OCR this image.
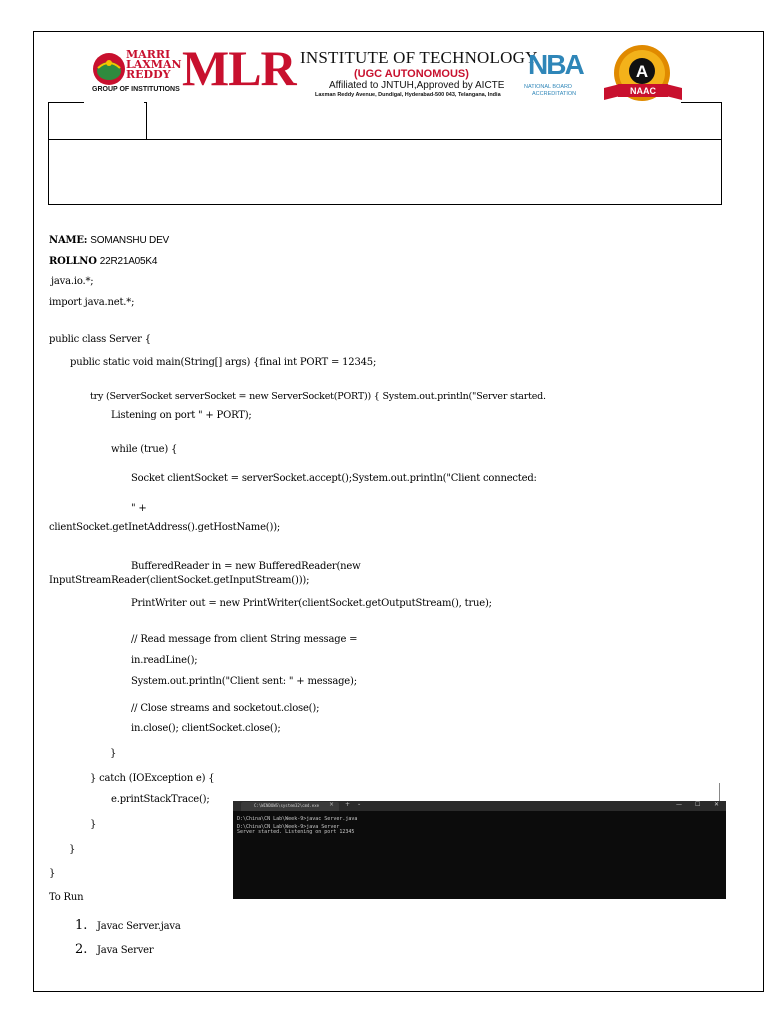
MARRI
LAXMAN
REDDY
GROUP OF INSTITUTIONS MLR INSTITUTE OF TECHNOLOGY
(UGC AUTONOMOUS)
Affiliated to JNTUH,Approved by AICTE
Laxman Reddy Avenue, Dundigal, Hyderabad-500 043, Telangana, India
NBA
NATIONAL BOARD
ACCREDITATION
A
NAAC
NAME: SOMANSHU DEV
ROLLNO 22R21A05K4
java.io.*;
import java.net.*;
public class Server {
public static void main(String[] args) {final int PORT = 12345;
try (ServerSocket serverSocket = new ServerSocket(PORT)) { System.out.println("Server started.
Listening on port " + PORT);
while (true) {
Socket clientSocket = serverSocket.accept();System.out.println("Client connected:
" +
clientSocket.getInetAddress().getHostName());
BufferedReader in = new BufferedReader(new
InputStreamReader(clientSocket.getInputStream()));
PrintWriter out = new PrintWriter(clientSocket.getOutputStream(), true);
// Read message from client String message =
in.readLine();
System.out.println("Client sent: " + message);
// Close streams and socketout.close();
in.close(); clientSocket.close();
}
} catch (IOException e) {
e.printStackTrace();
}
}
}
To Run
1. Javac Server.java
2. Java Server
C:\WINDOWS\system32\cmd.exe × + ⌄	— ☐ ✕
D:\China\CN Lab\Week-9>javac Server.java
D:\China\CN Lab\Week-9>java Server
Server started. Listening on port 12345
